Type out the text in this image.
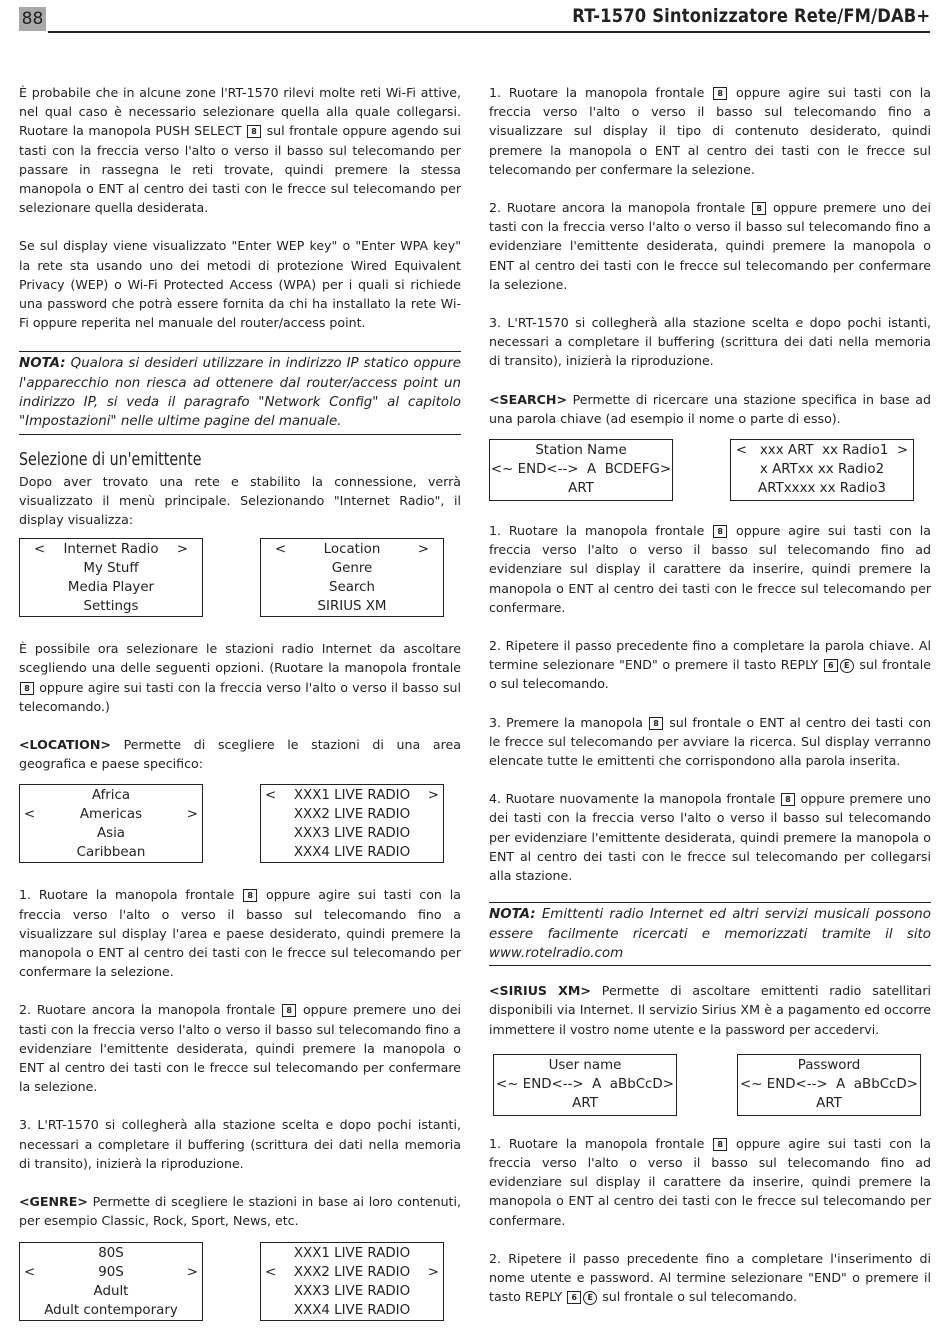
88	RT-1570 Sintonizzatore Rete/FM/DAB+

È probabile che in alcune zone l'RT-1570 rilevi molte reti Wi-Fi attive, nel qual caso è necessario selezionare quella alla quale collegarsi. Ruotare la manopola PUSH SELECT 8 sul frontale oppure agendo sui tasti con la freccia verso l'alto o verso il basso sul telecomando per passare in rassegna le reti trovate, quindi premere la stessa manopola o ENT al centro dei tasti con le frecce sul telecomando per selezionare quella desiderata.

Se sul display viene visualizzato "Enter WEP key" o "Enter WPA key" la rete sta usando uno dei metodi di protezione Wired Equivalent Privacy (WEP) o Wi-Fi Protected Access (WPA) per i quali si richiede una password che potrà essere fornita da chi ha installato la rete Wi-Fi oppure reperita nel manuale del router/access point.

NOTA: Qualora si desideri utilizzare in indirizzo IP statico oppure l'apparecchio non riesca ad ottenere dal router/access point un indirizzo IP, si veda il paragrafo "Network Config" al capitolo "Impostazioni" nelle ultime pagine del manuale.
Selezione di un'emittente

Dopo aver trovato una rete e stabilito la connessione, verrà visualizzato il menù principale. Selezionando "Internet Radio", il display visualizza:

< Internet Radio >
My Stuff
Media Player
Settings
<	Location	>
Genre
Search
SIRIUS XM

È possibile ora selezionare le stazioni radio Internet da ascoltare scegliendo una delle seguenti opzioni. (Ruotare la manopola frontale 8 oppure agire sui tasti con la freccia verso l'alto o verso il basso sul telecomando.)

<LOCATION> Permette di scegliere le stazioni di una area geografica e paese specifico:

Africa
<	Americas	>
Asia
Caribbean
< XXX1 LIVE RADIO >
XXX2 LIVE RADIO
XXX3 LIVE RADIO
XXX4 LIVE RADIO

1. Ruotare la manopola frontale 8 oppure agire sui tasti con la freccia verso l'alto o verso il basso sul telecomando fino a visualizzare sul display l'area e paese desiderato, quindi premere la manopola o ENT al centro dei tasti con le frecce sul telecomando per confermare la selezione.

2. Ruotare ancora la manopola frontale 8 oppure premere uno dei tasti con la freccia verso l'alto o verso il basso sul telecomando fino a evidenziare l'emittente desiderata, quindi premere la manopola o ENT al centro dei tasti con le frecce sul telecomando per confermare la selezione.

3. L'RT-1570 si collegherà alla stazione scelta e dopo pochi istanti, necessari a completare il buffering (scrittura dei dati nella memoria di transito), inizierà la riproduzione.

<GENRE> Permette di scegliere le stazioni in base ai loro contenuti, per esempio Classic, Rock, Sport, News, etc.

80S
<	90S	>
Adult
Adult contemporary
XXX1 LIVE RADIO
< XXX2 LIVE RADIO >
XXX3 LIVE RADIO
XXX4 LIVE RADIO

1. Ruotare la manopola frontale 8 oppure agire sui tasti con la freccia verso l'alto o verso il basso sul telecomando fino a visualizzare sul display il tipo di contenuto desiderato, quindi premere la manopola o ENT al centro dei tasti con le frecce sul telecomando per confermare la selezione.

2. Ruotare ancora la manopola frontale 8 oppure premere uno dei tasti con la freccia verso l'alto o verso il basso sul telecomando fino a evidenziare l'emittente desiderata, quindi premere la manopola o ENT al centro dei tasti con le frecce sul telecomando per confermare la selezione.

3. L'RT-1570 si collegherà alla stazione scelta e dopo pochi istanti, necessari a completare il buffering (scrittura dei dati nella memoria di transito), inizierà la riproduzione.

<SEARCH> Permette di ricercare una stazione specifica in base ad una parola chiave (ad esempio il nome o parte di esso).

Station Name
<~ END<-->  A  BCDEFG>
ART
<   xxx ART  xx Radio1  >
x ARTxx xx Radio2
ARTxxxx xx Radio3

1. Ruotare la manopola frontale 8 oppure agire sui tasti con la freccia verso l'alto o verso il basso sul telecomando fino ad evidenziare sul display il carattere da inserire, quindi premere la manopola o ENT al centro dei tasti con le frecce sul telecomando per confermare.

2. Ripetere il passo precedente fino a completare la parola chiave. Al termine selezionare "END" o premere il tasto REPLY 6 E sul frontale o sul telecomando.

3. Premere la manopola 8 sul frontale o ENT al centro dei tasti con le frecce sul telecomando per avviare la ricerca. Sul display verranno elencate tutte le emittenti che corrispondono alla parola inserita.

4. Ruotare nuovamente la manopola frontale 8 oppure premere uno dei tasti con la freccia verso l'alto o verso il basso sul telecomando per evidenziare l'emittente desiderata, quindi premere la manopola o ENT al centro dei tasti con le frecce sul telecomando per collegarsi alla stazione.

NOTA: Emittenti radio Internet ed altri servizi musicali possono essere facilmente ricercati e memorizzati tramite il sito www.rotelradio.com

<SIRIUS XM> Permette di ascoltare emittenti radio satellitari disponibili via Internet. Il servizio Sirius XM è a pagamento ed occorre immettere il vostro nome utente e la password per accedervi.

User name
<~ END<-->  A  aBbCcD>
ART
Password
<~ END<-->  A  aBbCcD>
ART

1. Ruotare la manopola frontale 8 oppure agire sui tasti con la freccia verso l'alto o verso il basso sul telecomando fino ad evidenziare sul display il carattere da inserire, quindi premere la manopola o ENT al centro dei tasti con le frecce sul telecomando per confermare.

2. Ripetere il passo precedente fino a completare l'inserimento di nome utente e password. Al termine selezionare "END" o premere il tasto REPLY 6 E sul frontale o sul telecomando.
